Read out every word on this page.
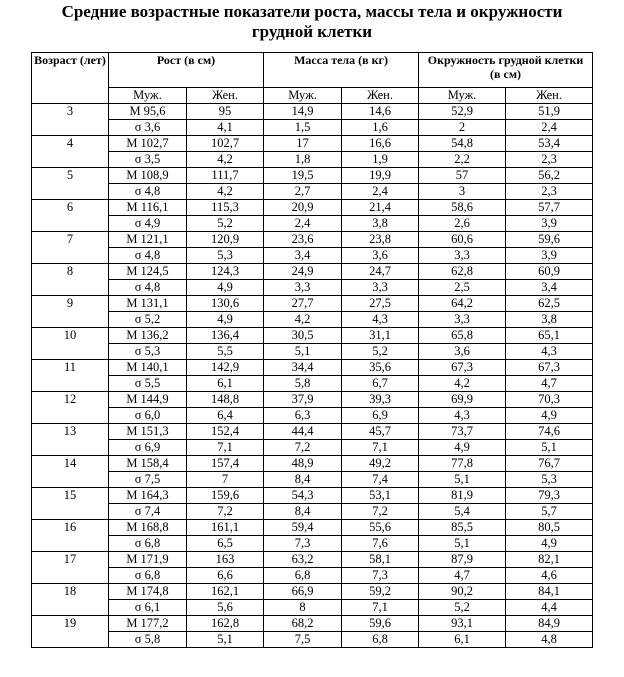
Средние возрастные показатели роста, массы тела и окружности
грудной клетки
Возраст (лет)	Рост (в см)		Масса тела (в кг)		Окружность грудной клетки (в см)	
	Муж.	Жен.	Муж.	Жен.	Муж.	Жен.
3	М 95,6	95	14,9	14,6	52,9	51,9
	σ 3,6	4,1	1,5	1,6	2	2,4
4	М 102,7	102,7	17	16,6	54,8	53,4
	σ 3,5	4,2	1,8	1,9	2,2	2,3
5	М 108,9	111,7	19,5	19,9	57	56,2
	σ 4,8	4,2	2,7	2,4	3	2,3
6	М 116,1	115,3	20,9	21,4	58,6	57,7
	σ 4,9	5,2	2,4	3,8	2,6	3,9
7	М 121,1	120,9	23,6	23,8	60,6	59,6
	σ 4,8	5,3	3,4	3,6	3,3	3,9
8	М 124,5	124,3	24,9	24,7	62,8	60,9
	σ 4,8	4,9	3,3	3,3	2,5	3,4
9	М 131,1	130,6	27,7	27,5	64,2	62,5
	σ 5,2	4,9	4,2	4,3	3,3	3,8
10	М 136,2	136,4	30,5	31,1	65,8	65,1
	σ 5,3	5,5	5,1	5,2	3,6	4,3
11	М 140,1	142,9	34,4	35,6	67,3	67,3
	σ 5,5	6,1	5,8	6,7	4,2	4,7
12	М 144,9	148,8	37,9	39,3	69,9	70,3
	σ 6,0	6,4	6,3	6,9	4,3	4,9
13	М 151,3	152,4	44,4	45,7	73,7	74,6
	σ 6,9	7,1	7,2	7,1	4,9	5,1
14	М 158,4	157,4	48,9	49,2	77,8	76,7
	σ 7,5	7	8,4	7,4	5,1	5,3
15	М 164,3	159,6	54,3	53,1	81,9	79,3
	σ 7,4	7,2	8,4	7,2	5,4	5,7
16	М 168,8	161,1	59,4	55,6	85,5	80,5
	σ 6,8	6,5	7,3	7,6	5,1	4,9
17	М 171,9	163	63,2	58,1	87,9	82,1
	σ 6,8	6,6	6,8	7,3	4,7	4,6
18	М 174,8	162,1	66,9	59,2	90,2	84,1
	σ 6,1	5,6	8	7,1	5,2	4,4
19	М 177,2	162,8	68,2	59,6	93,1	84,9
	σ 5,8	5,1	7,5	6,8	6,1	4,8
